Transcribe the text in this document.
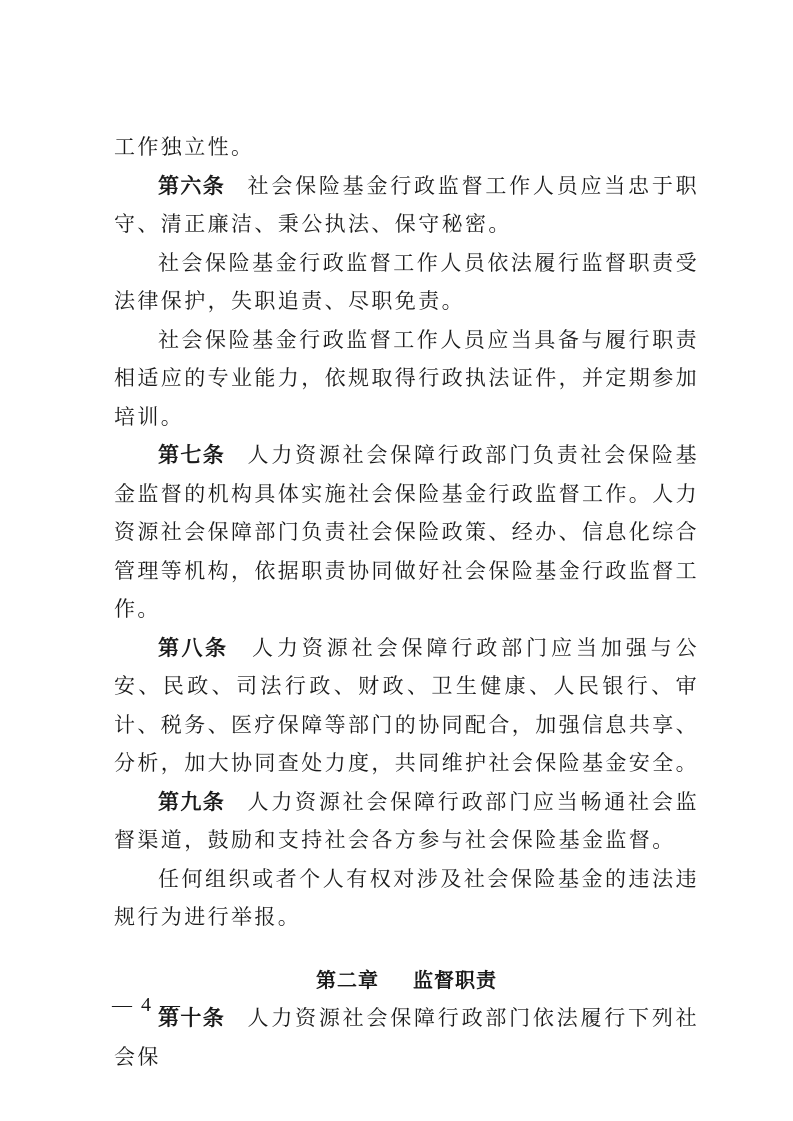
工作独立性。

第六条 社会保险基金行政监督工作人员应当忠于职守、清正廉洁、秉公执法、保守秘密。

社会保险基金行政监督工作人员依法履行监督职责受法律保护，失职追责、尽职免责。

社会保险基金行政监督工作人员应当具备与履行职责相适应的专业能力，依规取得行政执法证件，并定期参加培训。

第七条 人力资源社会保障行政部门负责社会保险基金监督的机构具体实施社会保险基金行政监督工作。人力资源社会保障部门负责社会保险政策、经办、信息化综合管理等机构，依据职责协同做好社会保险基金行政监督工作。

第八条 人力资源社会保障行政部门应当加强与公安、民政、司法行政、财政、卫生健康、人民银行、审计、税务、医疗保障等部门的协同配合，加强信息共享、分析，加大协同查处力度，共同维护社会保险基金安全。

第九条 人力资源社会保障行政部门应当畅通社会监督渠道，鼓励和支持社会各方参与社会保险基金监督。

任何组织或者个人有权对涉及社会保险基金的违法违规行为进行举报。

第二章 监督职责

第十条 人力资源社会保障行政部门依法履行下列社会保

— 4 —
